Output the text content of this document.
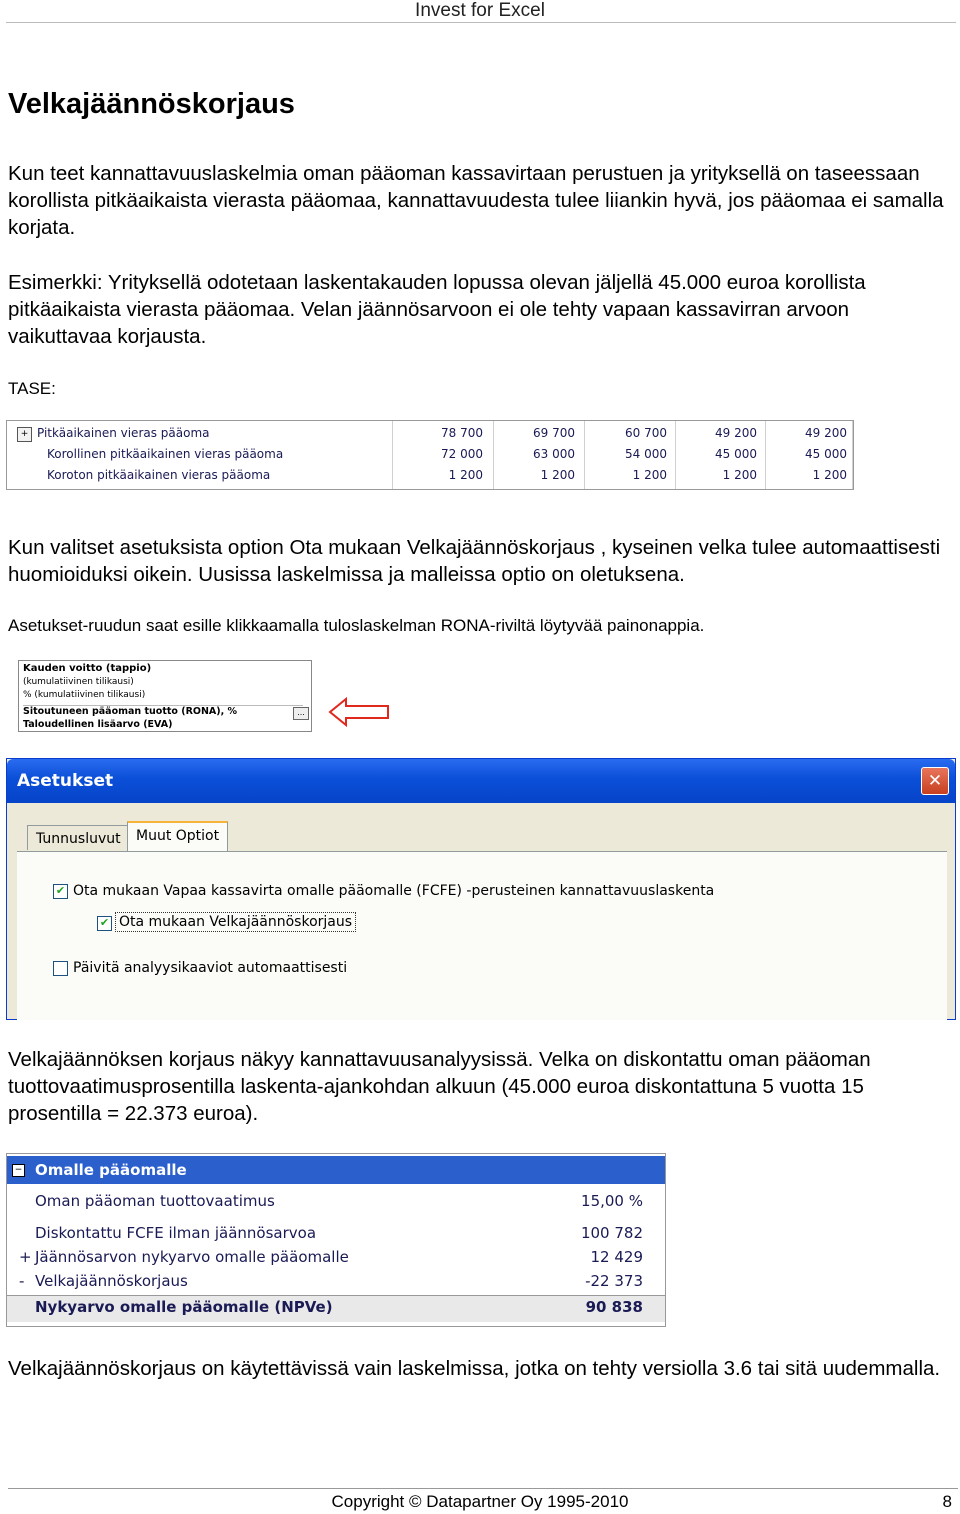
Invest for Excel
Velkajäännöskorjaus

Kun teet kannattavuuslaskelmia oman pääoman kassavirtaan perustuen ja yrityksellä on taseessaan korollista pitkäaikaista vierasta pääomaa, kannattavuudesta tulee liiankin hyvä, jos pääomaa ei samalla korjata.

Esimerkki: Yrityksellä odotetaan laskentakauden lopussa olevan jäljellä 45.000 euroa korollista pitkäaikaista vierasta pääomaa. Velan jäännösarvoon ei ole tehty vapaan kassavirran arvoon vaikuttavaa korjausta.

TASE:

+ Pitkäaikainen vieras pääoma	78 700	69 700	60 700	49 200	49 200
Korollinen pitkäaikainen vieras pääoma	72 000	63 000	54 000	45 000	45 000
Koroton pitkäaikainen vieras pääoma	1 200	1 200	1 200	1 200	1 200

Kun valitset asetuksista option Ota mukaan Velkajäännöskorjaus , kyseinen velka tulee automaattisesti huomioiduksi oikein. Uusissa laskelmissa ja malleissa optio on oletuksena.

Asetukset-ruudun saat esille klikkaamalla tuloslaskelman RONA-riviltä löytyvää painonappia.

Kauden voitto (tappio)
(kumulatiivinen tilikausi)
% (kumulatiivinen tilikausi)
Sitoutuneen pääoman tuotto (RONA), %
Taloudellinen lisäarvo (EVA)
...
Asetukset	✕
Tunnusluvut	Muut Optiot
✔ Ota mukaan Vapaa kassavirta omalle pääomalle (FCFE) -perusteinen kannattavuuslaskenta
✔ Ota mukaan Velkajäännöskorjaus
Päivitä analyysikaaviot automaattisesti

Velkajäännöksen korjaus näkyy kannattavuusanalyysissä. Velka on diskontattu oman pääoman tuottovaatimusprosentilla laskenta-ajankohdan alkuun (45.000 euroa diskontattuna 5 vuotta 15 prosentilla = 22.373 euroa).

− Omalle pääomalle
Oman pääoman tuottovaatimus	15,00 %
Diskontattu FCFE ilman jäännösarvoa	100 782
+ Jäännösarvon nykyarvo omalle pääomalle	12 429
- Velkajäännöskorjaus	-22 373
Nykyarvo omalle pääomalle (NPVe)	90 838

Velkajäännöskorjaus on käytettävissä vain laskelmissa, jotka on tehty versiolla 3.6 tai sitä uudemmalla.

Copyright © Datapartner Oy 1995-2010	8
